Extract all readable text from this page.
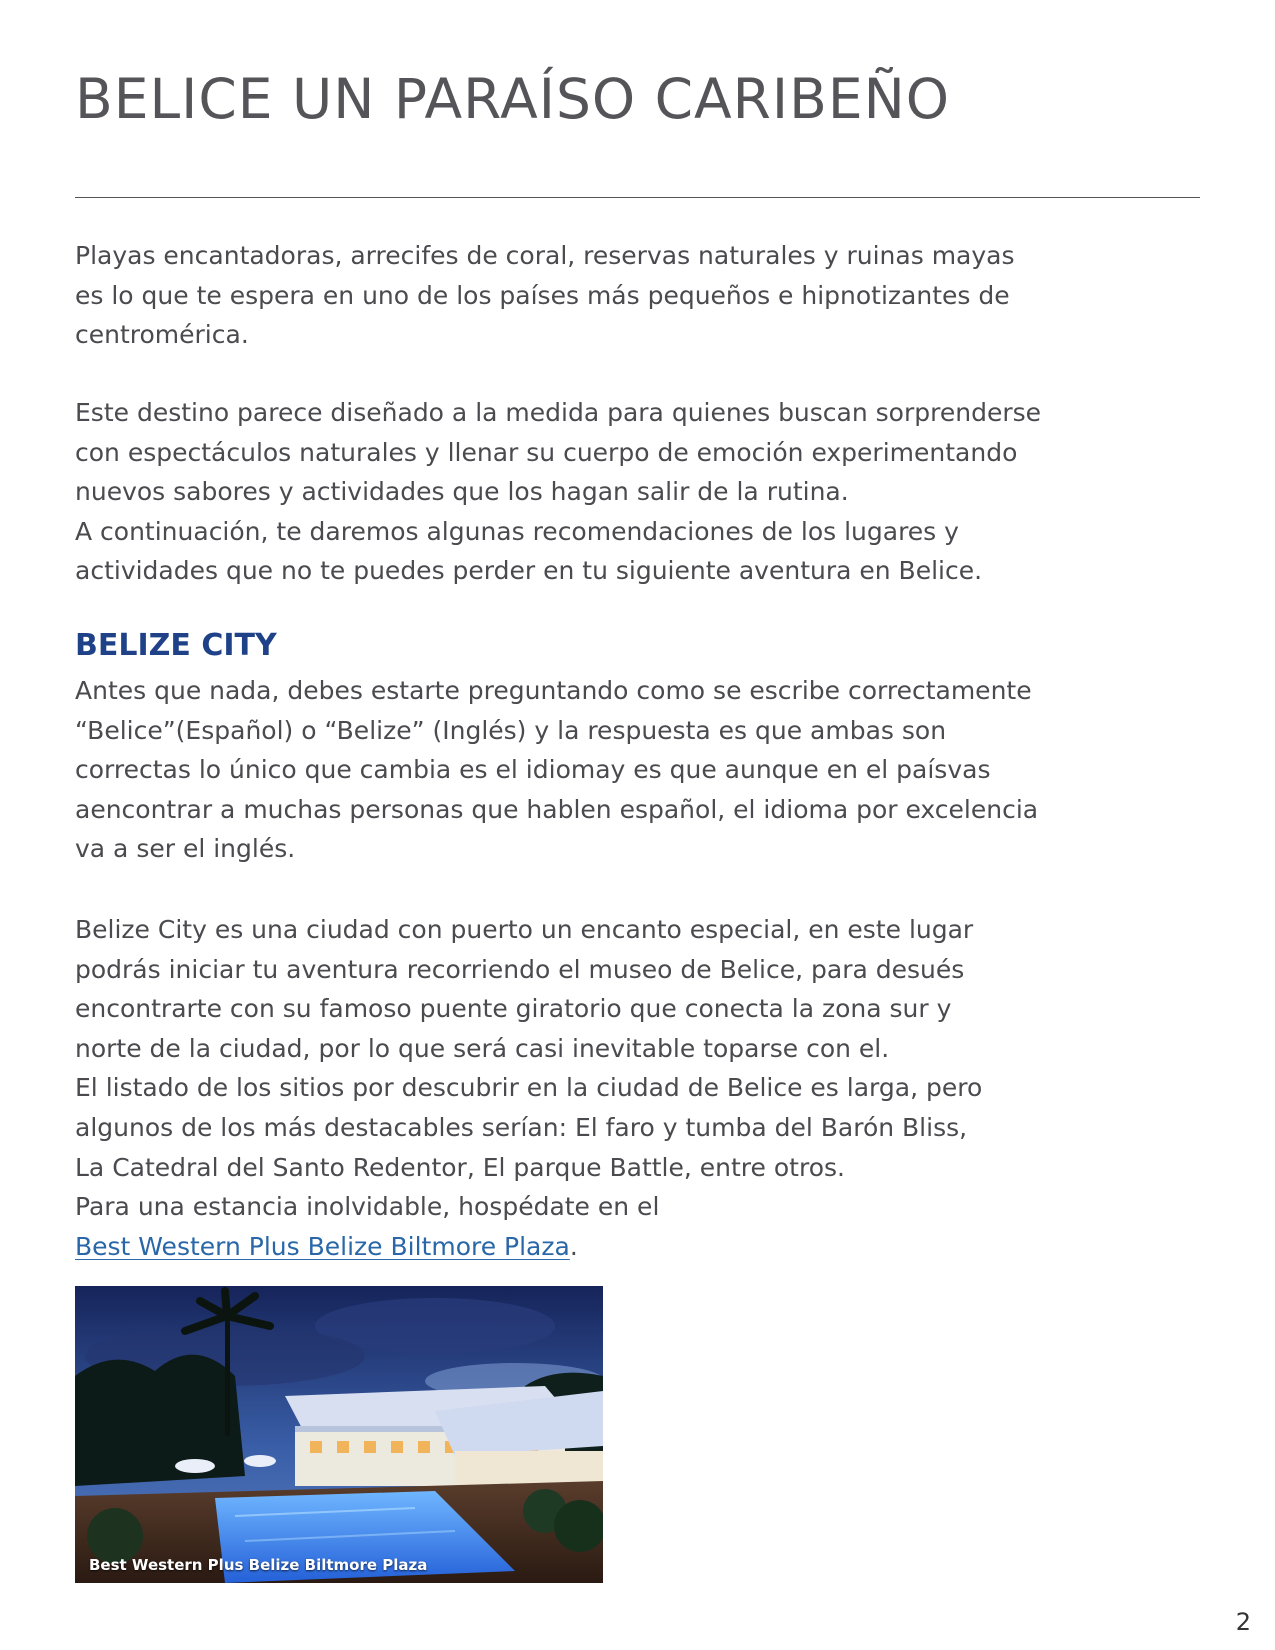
BELICE UN PARAÍSO CARIBEÑO

Playas encantadoras, arrecifes de coral, reservas naturales y ruinas mayas
es lo que te espera en uno de los países más pequeños e hipnotizantes de
centromérica.

Este destino parece diseñado a la medida para quienes buscan sorprenderse
con espectáculos naturales y llenar su cuerpo de emoción experimentando
nuevos sabores y actividades que los hagan salir de la rutina.
A continuación, te daremos algunas recomendaciones de los lugares y
actividades que no te puedes perder en tu siguiente aventura en Belice.

BELIZE CITY

Antes que nada, debes estarte preguntando como se escribe correctamente
“Belice”(Español) o “Belize” (Inglés) y la respuesta es que ambas son
correctas lo único que cambia es el idiomay es que aunque en el paísvas
aencontrar a muchas personas que hablen español, el idioma por excelencia
va a ser el inglés.

Belize City es una ciudad con puerto un encanto especial, en este lugar
podrás iniciar tu aventura recorriendo el museo de Belice, para desués
encontrarte con su famoso puente giratorio que conecta la zona sur y
norte de la ciudad, por lo que será casi inevitable toparse con el.
El listado de los sitios por descubrir en la ciudad de Belice es larga, pero
algunos de los más destacables serían: El faro y tumba del Barón Bliss,
La Catedral del Santo Redentor, El parque Battle, entre otros.
Para una estancia inolvidable, hospédate en el
Best Western Plus Belize Biltmore Plaza.

Best Western Plus Belize Biltmore Plaza
2
